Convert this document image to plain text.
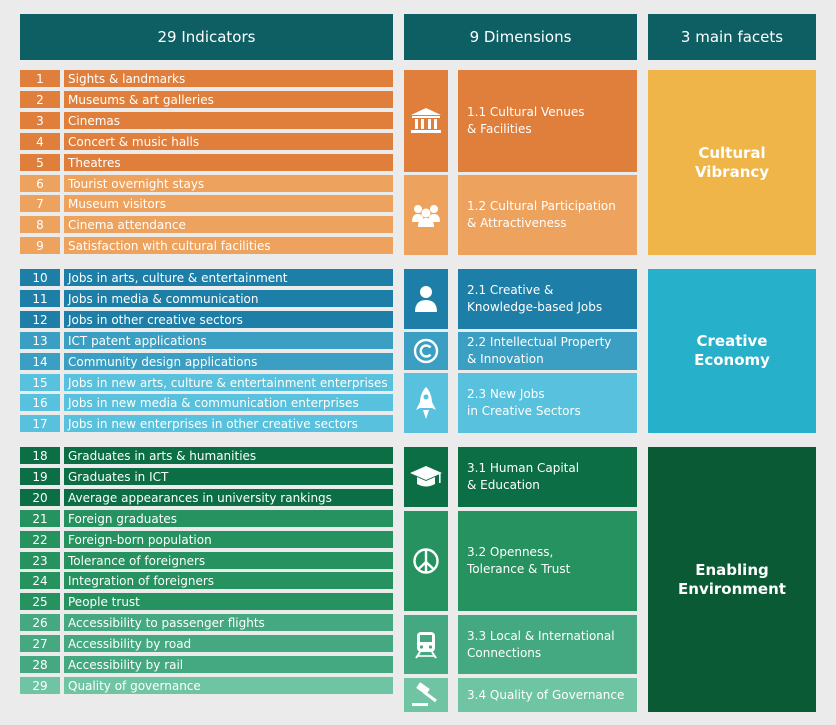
29 Indicators	9 Dimensions	3 main facets
1	Sights & landmarks
2	Museums & art galleries
3	Cinemas
4	Concert & music halls
5	Theatres
6	Tourist overnight stays
7	Museum visitors
8	Cinema attendance
9	Satisfaction with cultural facilities
10	Jobs in arts, culture & entertainment
11	Jobs in media & communication
12	Jobs in other creative sectors
13	ICT patent applications
14	Community design applications
15	Jobs in new arts, culture & entertainment enterprises
16	Jobs in new media & communication enterprises
17	Jobs in new enterprises in other creative sectors
18	Graduates in arts & humanities
19	Graduates in ICT
20	Average appearances in university rankings
21	Foreign graduates
22	Foreign-born population
23	Tolerance of foreigners
24	Integration of foreigners
25	People trust
26	Accessibility to passenger flights
27	Accessibility by road
28	Accessibility by rail
29	Quality of governance
1.1 Cultural Venues
& Facilities
1.2 Cultural Participation
& Attractiveness
2.1 Creative &
Knowledge-based Jobs
2.2 Intellectual Property
& Innovation
2.3 New Jobs
in Creative Sectors
3.1 Human Capital
& Education
3.2 Openness,
Tolerance & Trust
3.3 Local & International
Connections
3.4 Quality of Governance
Cultural
Vibrancy
Creative
Economy
Enabling
Environment
